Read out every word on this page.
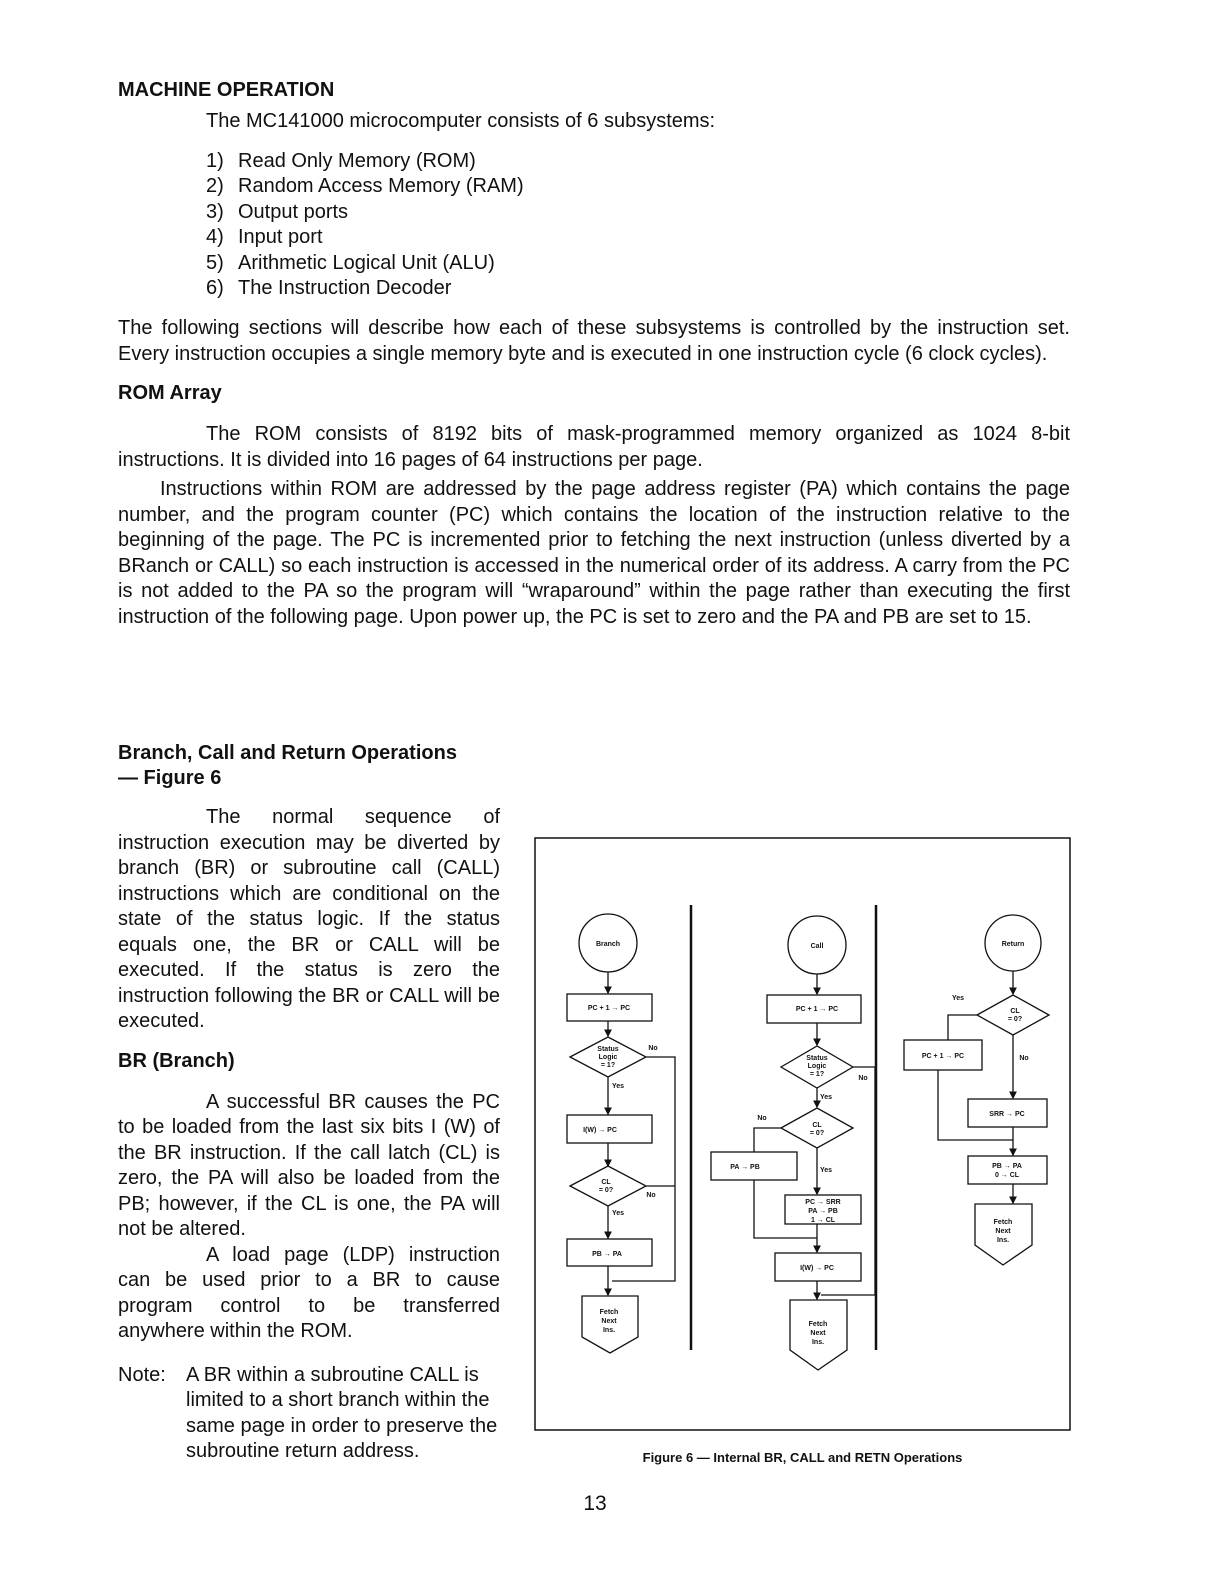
MACHINE OPERATION
The MC141000 microcomputer consists of 6 subsystems:
1) Read Only Memory (ROM)
2) Random Access Memory (RAM)
3) Output ports
4) Input port
5) Arithmetic Logical Unit (ALU)
6) The Instruction Decoder
The following sections will describe how each of these subsystems is controlled by the instruction set. Every instruction occupies a single memory byte and is executed in one instruction cycle (6 clock cycles).
ROM Array
The ROM consists of 8192 bits of mask-programmed memory organized as 1024 8-bit instructions. It is divided into 16 pages of 64 instructions per page.
Instructions within ROM are addressed by the page address register (PA) which contains the page number, and the program counter (PC) which contains the location of the instruction relative to the beginning of the page. The PC is incremented prior to fetching the next instruction (unless diverted by a BRanch or CALL) so each instruction is accessed in the numerical order of its address. A carry from the PC is not added to the PA so the program will “wraparound” within the page rather than executing the first instruction of the following page. Upon power up, the PC is set to zero and the PA and PB are set to 15.
Branch, Call and Return Operations
— Figure 6
The normal sequence of instruction execution may be diverted by branch (BR) or subroutine call (CALL) instructions which are conditional on the state of the status logic. If the status equals one, the BR or CALL will be executed. If the status is zero the instruction following the BR or CALL will be executed.
BR (Branch)
A successful BR causes the PC to be loaded from the last six bits I (W) of the BR instruction. If the call latch (CL) is zero, the PA will also be loaded from the PB; however, if the CL is one, the PA will not be altered.
A load page (LDP) instruction can be used prior to a BR to cause program control to be transferred anywhere within the ROM.
Note: A BR within a subroutine CALL is limited to a short branch within the same page in order to preserve the subroutine return address.
Branch
PC + 1 → PC
Status
Logic
= 1?
Yes
No
I(W) → PC
CL
= 0?
No
Yes
PB → PA
Fetch
Next
Ins.
Call
PC + 1 → PC
Status
Logic
= 1?
No
Yes
CL
= 0?
No
Yes
PA → PB
PC → SRR
PA → PB
1 → CL
I(W) → PC
Fetch
Next
Ins.
Return
CL
= 0?
Yes
No
PC + 1 → PC
SRR → PC
PB → PA
0 → CL
Fetch
Next
Ins.
Figure 6 — Internal BR, CALL and RETN Operations
13
